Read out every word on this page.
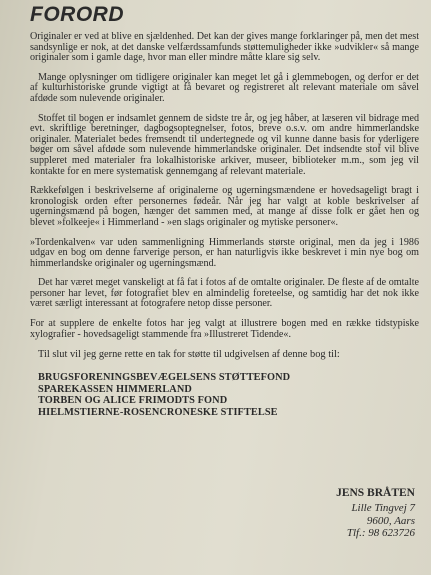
FORORD

Originaler er ved at blive en sjældenhed. Det kan der gives mange forklaringer på, men det mest sandsynlige er nok, at det danske velfærdssamfunds støttemuligheder ikke »udvikler« så mange originaler som i gamle dage, hvor man eller mindre måtte klare sig selv.

Mange oplysninger om tidligere originaler kan meget let gå i glemmebogen, og derfor er det af kulturhistoriske grunde vigtigt at få bevaret og registreret alt relevant materiale om såvel afdøde som nulevende originaler.

Stoffet til bogen er indsamlet gennem de sidste tre år, og jeg håber, at læseren vil bidrage med evt. skriftlige beretninger, dagbogsoptegnelser, fotos, breve o.s.v. om andre himmerlandske originaler. Materialet bedes fremsendt til undertegnede og vil kunne danne basis for yderligere bøger om såvel afdøde som nulevende himmerlandske originaler. Det indsendte stof vil blive suppleret med materialer fra lokalhistoriske arkiver, museer, biblioteker m.m., som jeg vil kontakte for en mere systematisk gennemgang af relevant materiale.

Rækkefølgen i beskrivelserne af originalerne og ugerningsmændene er hovedsageligt bragt i kronologisk orden efter personernes fødeår. Når jeg har valgt at koble beskrivelser af ugerningsmænd på bogen, hænger det sammen med, at mange af disse folk er gået hen og blevet »folkeeje« i Himmerland - »en slags originaler og mytiske personer«.

»Tordenkalven« var uden sammenligning Himmerlands største original, men da jeg i 1986 udgav en bog om denne farverige person, er han naturligvis ikke beskrevet i min nye bog om himmerlandske originaler og ugerningsmænd.

Det har været meget vanskeligt at få fat i fotos af de omtalte originaler. De fleste af de omtalte personer har levet, før fotografiet blev en almindelig foreteelse, og samtidig har det nok ikke været særligt interessant at fotografere netop disse personer.

For at supplere de enkelte fotos har jeg valgt at illustrere bogen med en række tidstypiske xylografier - hovedsageligt stammende fra »Illustreret Tidende«.

Til slut vil jeg gerne rette en tak for støtte til udgivelsen af denne bog til:

BRUGSFORENINGSBEVÆGELSENS STØTTEFOND
SPAREKASSEN HIMMERLAND
TORBEN OG ALICE FRIMODTS FOND
HIELMSTIERNE-ROSENCRONESKE STIFTELSE
JENS BRÅTEN
Lille Tingvej 7
9600, Aars
Tlf.: 98 623726
